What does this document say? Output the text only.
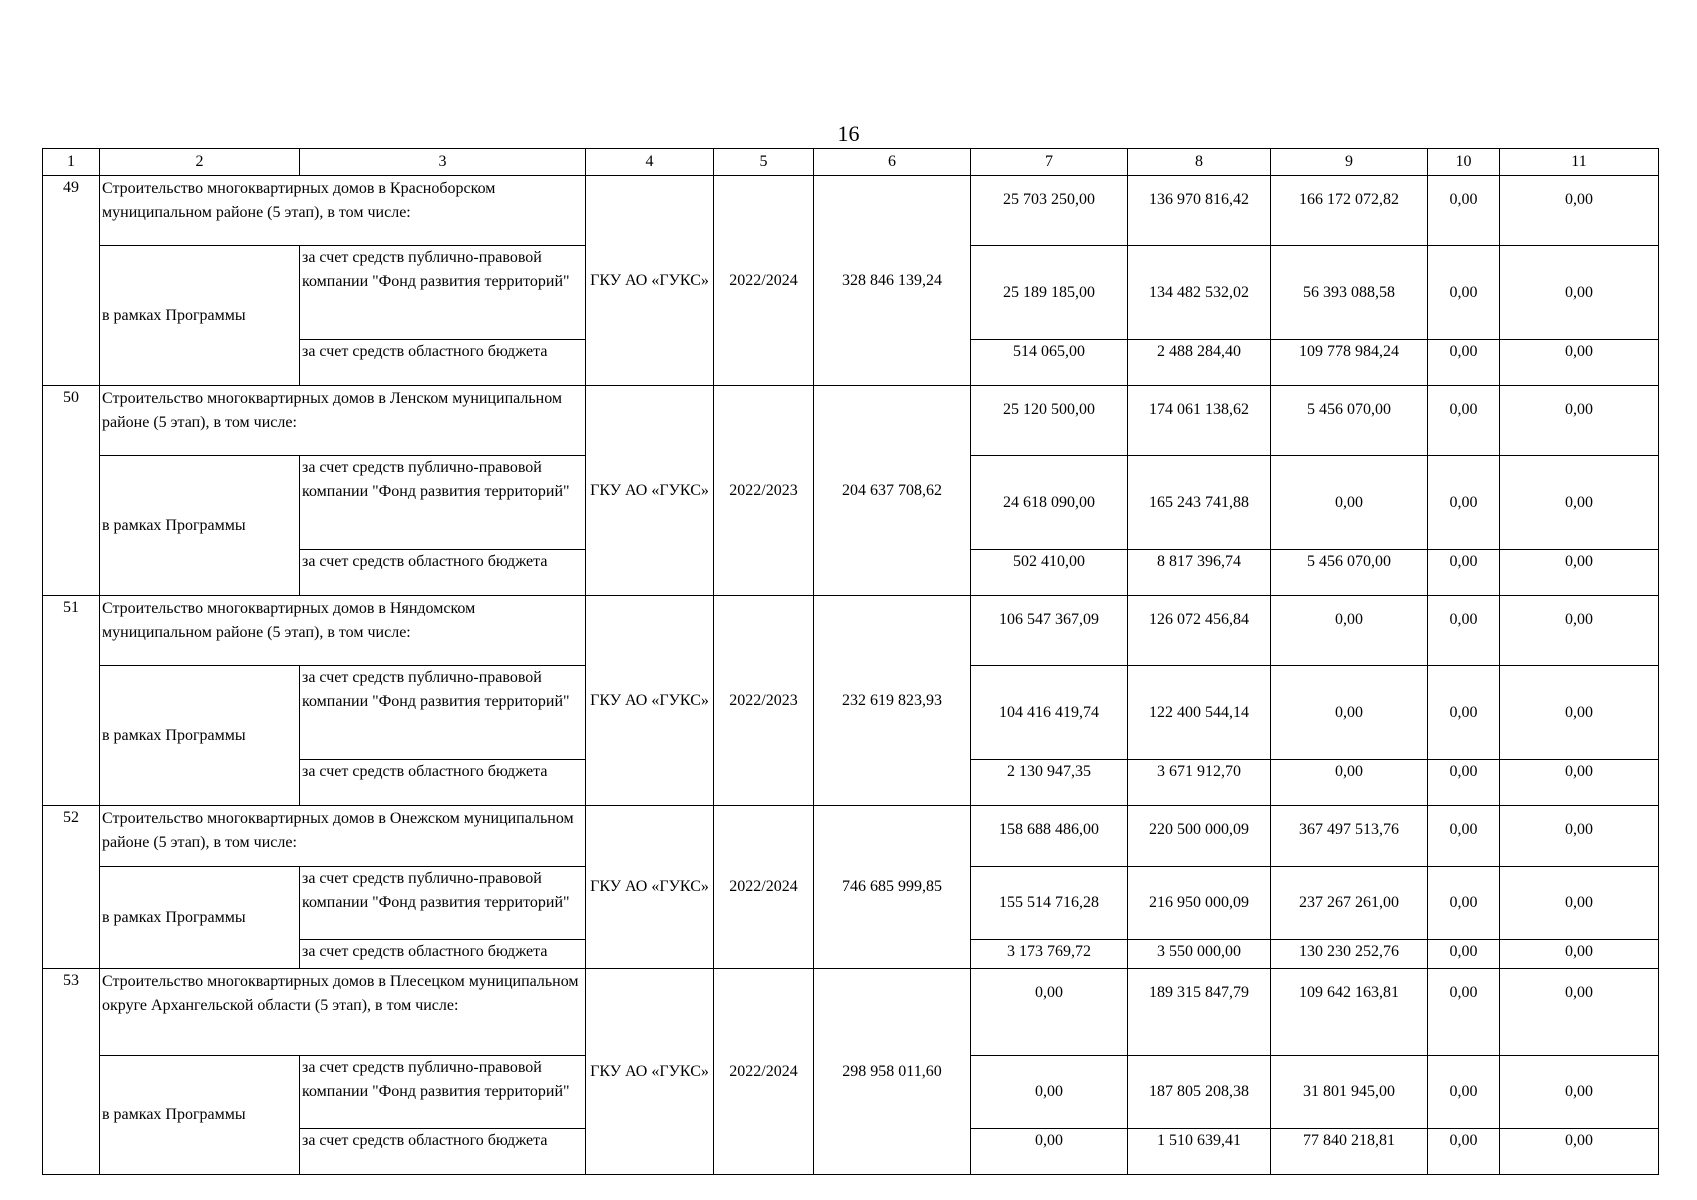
16
1	2	3	4	5	6	7	8	9	10	11
49	Строительство многоквартирных домов в Красноборском муниципальном районе (5 этап), в том числе:		ГКУ АО «ГУКС»	2022/2024	328 846 139,24	25 703 250,00	136 970 816,42	166 172 072,82	0,00	0,00
	в рамках Программы	за счет средств публично-правовой компании "Фонд развития территорий"				25 189 185,00	134 482 532,02	56 393 088,58	0,00	0,00
		за счет средств областного бюджета				514 065,00	2 488 284,40	109 778 984,24	0,00	0,00
50	Строительство многоквартирных домов в Ленском муниципальном районе (5 этап), в том числе:		ГКУ АО «ГУКС»	2022/2023	204 637 708,62	25 120 500,00	174 061 138,62	5 456 070,00	0,00	0,00
	в рамках Программы	за счет средств публично-правовой компании "Фонд развития территорий"				24 618 090,00	165 243 741,88	0,00	0,00	0,00
		за счет средств областного бюджета				502 410,00	8 817 396,74	5 456 070,00	0,00	0,00
51	Строительство многоквартирных домов в Няндомском муниципальном районе (5 этап), в том числе:		ГКУ АО «ГУКС»	2022/2023	232 619 823,93	106 547 367,09	126 072 456,84	0,00	0,00	0,00
	в рамках Программы	за счет средств публично-правовой компании "Фонд развития территорий"				104 416 419,74	122 400 544,14	0,00	0,00	0,00
		за счет средств областного бюджета				2 130 947,35	3 671 912,70	0,00	0,00	0,00
52	Строительство многоквартирных домов в Онежском муниципальном районе (5 этап), в том числе:		ГКУ АО «ГУКС»	2022/2024	746 685 999,85	158 688 486,00	220 500 000,09	367 497 513,76	0,00	0,00
	в рамках Программы	за счет средств публично-правовой компании "Фонд развития территорий"				155 514 716,28	216 950 000,09	237 267 261,00	0,00	0,00
		за счет средств областного бюджета				3 173 769,72	3 550 000,00	130 230 252,76	0,00	0,00
53	Строительство многоквартирных домов в Плесецком муниципальном округе Архангельской области (5 этап), в том числе:		ГКУ АО «ГУКС»	2022/2024	298 958 011,60	0,00	189 315 847,79	109 642 163,81	0,00	0,00
	в рамках Программы	за счет средств публично-правовой компании "Фонд развития территорий"				0,00	187 805 208,38	31 801 945,00	0,00	0,00
		за счет средств областного бюджета				0,00	1 510 639,41	77 840 218,81	0,00	0,00
